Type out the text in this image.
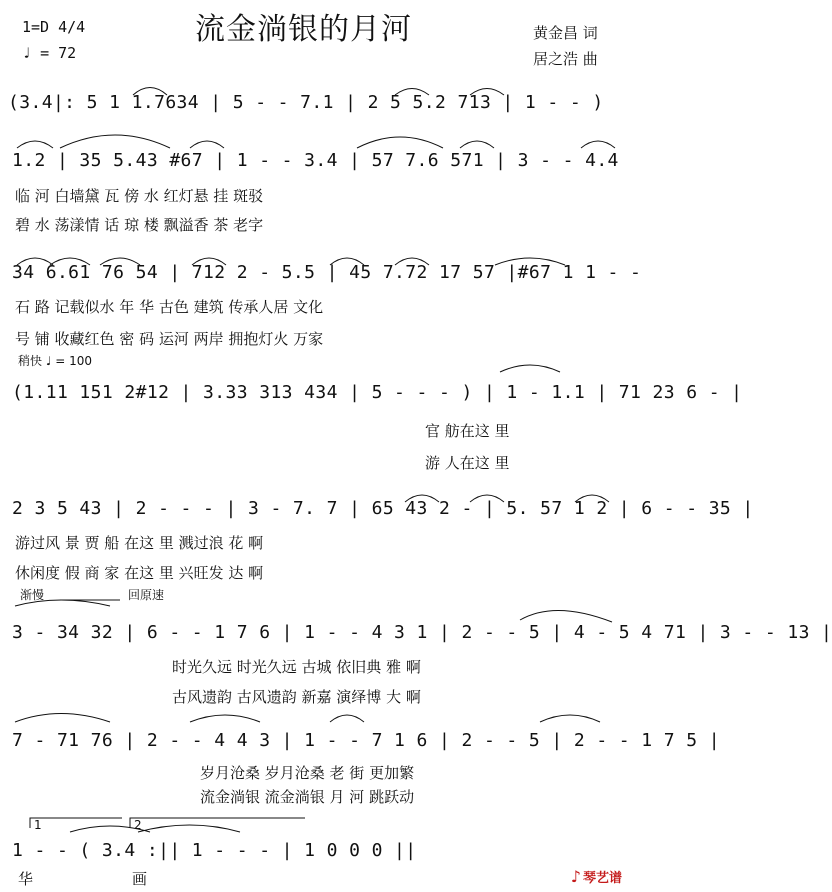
1=D 4/4
♩ = 72
流金淌银的月河	黄金昌 词
居之浩 曲
(3.4|: 5 1 1.7634 | 5 - - 7.1 | 2 5 5.2 713 | 1 - - )
1.2 | 35 5.43 #67 | 1 - - 3.4 | 57 7.6 571 | 3 - - 4.4
临 河 白墙黛 瓦 傍 水 红灯悬 挂 斑驳
碧 水 荡漾情 话 琼 楼 飘溢香 茶 老字
34 6.61 76 54 | 712 2 - 5.5 | 45 7.72 17 57 |#67 1 1 - -
石 路 记载似水 年 华 古色 建筑 传承人居 文化
号 铺 收藏红色 密 码 运河 两岸 拥抱灯火 万家
稍快 ♩ = 100
(1.11 151 2#12 | 3.33 313 434 | 5 - - - ) | 1 - 1.1 | 71 23 6 - |
官 舫在这 里
游 人在这 里
2 3 5 43 | 2 - - - | 3 - 7. 7 | 65 43 2 - | 5. 57 1 2 | 6 - - 35 |
游过风 景 贾 船 在这 里 溅过浪 花 啊
休闲度 假 商 家 在这 里 兴旺发 达 啊
渐慢	回原速
3 - 34 32 | 6 - - 1 7 6 | 1 - - 4 3 1 | 2 - - 5 | 4 - 5 4 71 | 3 - - 13 |
时光久远 时光久远 古城 依旧典 雅 啊
古风遗韵 古风遗韵 新嘉 演绎博 大 啊
7 - 71 76 | 2 - - 4 4 3 | 1 - - 7 1 6 | 2 - - 5 | 2 - - 1 7 5 |
岁月沧桑 岁月沧桑 老 街 更加繁
流金淌银 流金淌银 月 河 跳跃动
1	2
1 - - ( 3.4 :|| 1 - - - | 1 0 0 0 ||
华	画	♪ 琴艺谱
